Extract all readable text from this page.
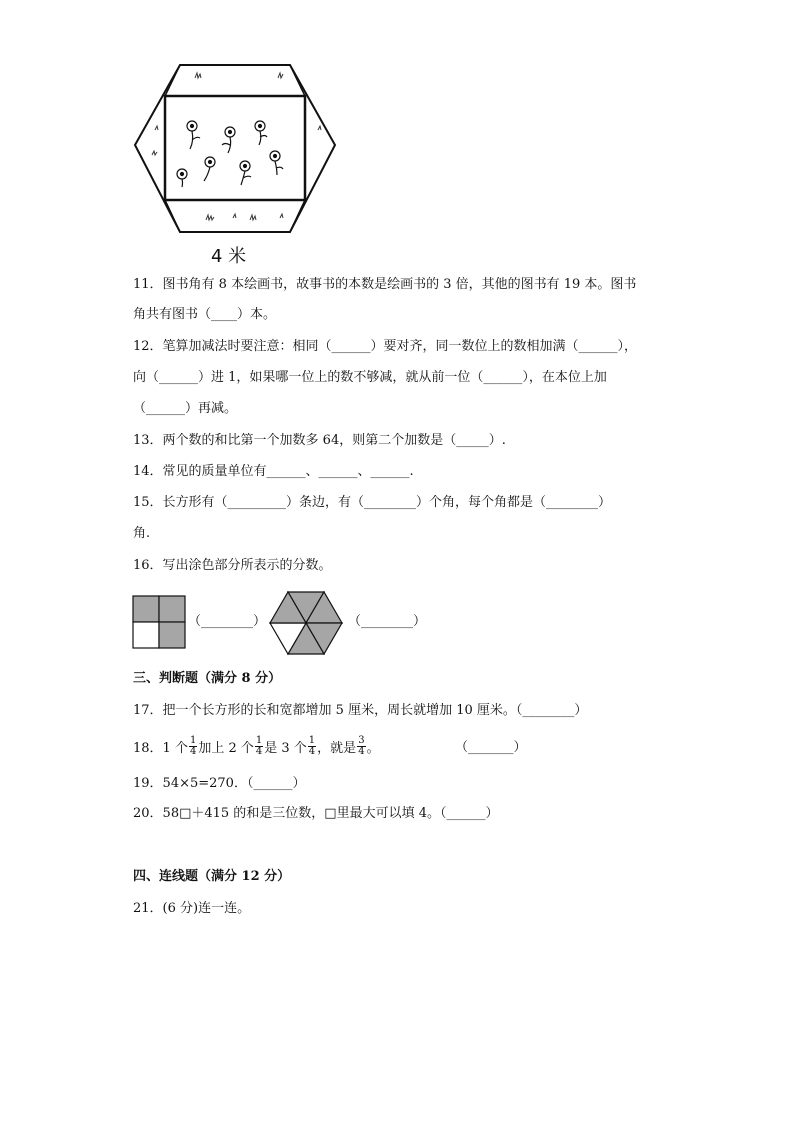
4 米
11．图书角有 8 本绘画书，故事书的本数是绘画书的 3 倍，其他的图书有 19 本。图书
角共有图书（____）本。
12．笔算加减法时要注意：相同（______）要对齐，同一数位上的数相加满（______），
向（______）进 1，如果哪一位上的数不够减，就从前一位（______），在本位上加
（______）再减。
13．两个数的和比第一个加数多 64，则第二个加数是（_____）.
14．常见的质量单位有______、______、______.
15．长方形有（_________）条边，有（________）个角，每个角都是（________）
角.
16．写出涂色部分所表示的分数。
（________）	（________）
三、判断题（满分 8 分）
17．把一个长方形的长和宽都增加 5 厘米，周长就增加 10 厘米。（________）
18．1 个 $\frac{1}{4}$ 加上 2 个 $\frac{1}{4}$ 是 3 个 $\frac{1}{4}$ ，就是 $\frac{3}{4}$ 。	（_______）
19．54×5=270．（______）
20．58□＋415 的和是三位数，□里最大可以填 4。（______）
四、连线题（满分 12 分）
21．(6 分)连一连。
